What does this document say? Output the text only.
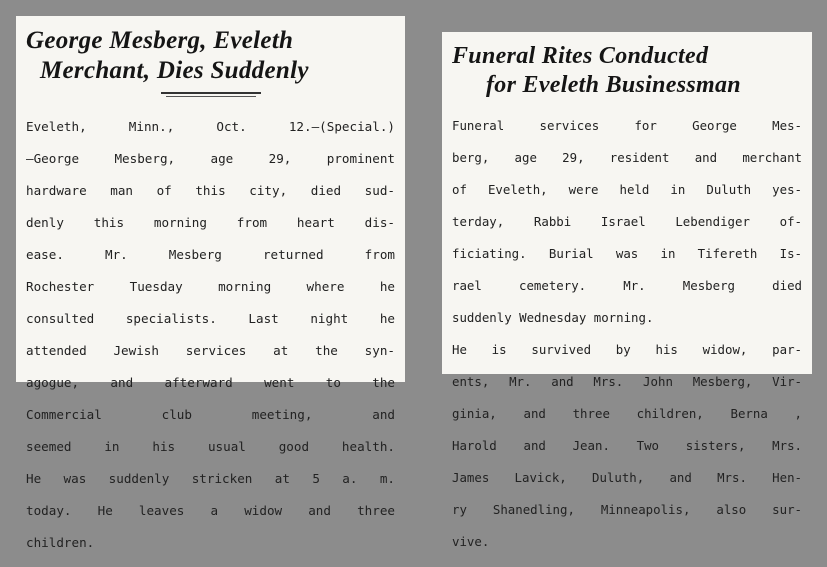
George Mesberg, Eveleth
Merchant, Dies Suddenly

Eveleth, Minn., Oct. 12.—(Special.)

—George Mesberg, age 29, prominent

hardware man of this city, died sud-

denly this morning from heart dis-

ease. Mr. Mesberg returned from

Rochester Tuesday morning where he

consulted specialists. Last night he

attended Jewish services at the syn-

agogue, and afterward went to the

Commercial club meeting, and

seemed in his usual good health.

He was suddenly stricken at 5 a. m.

today. He leaves a widow and three

children.

Funeral Rites Conducted
for Eveleth Businessman

Funeral services for George Mes-

berg, age 29, resident and merchant

of Eveleth, were held in Duluth yes-

terday, Rabbi Israel Lebendiger of-

ficiating. Burial was in Tifereth Is-

rael cemetery. Mr. Mesberg died

suddenly Wednesday morning.

He is survived by his widow, par-

ents, Mr. and Mrs. John Mesberg, Vir-

ginia, and three children, Berna ,

Harold and Jean. Two sisters, Mrs.

James Lavick, Duluth, and Mrs. Hen-

ry Shanedling, Minneapolis, also sur-

vive.
